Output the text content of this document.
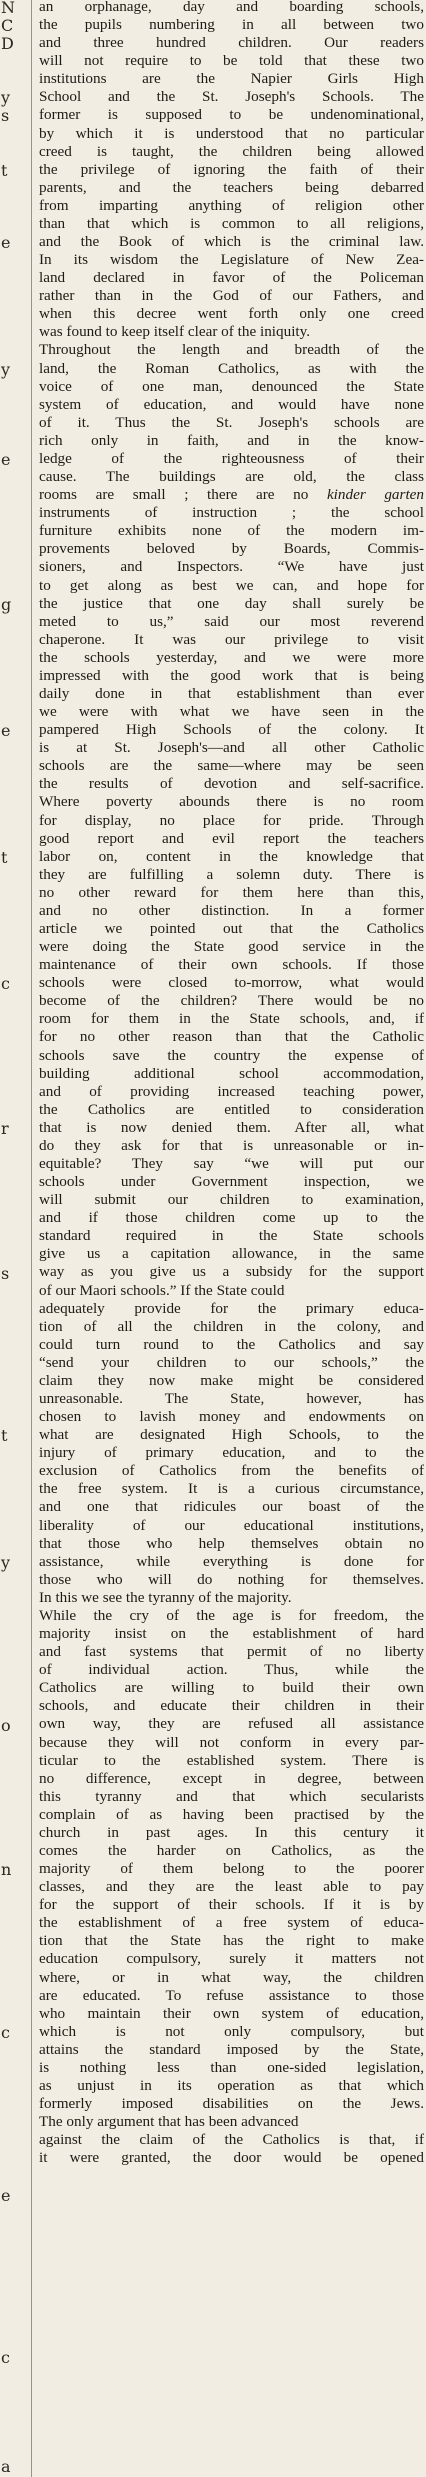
N
C
D
y
s
t
e
y
e
g
e
t
c
r
s
t
y
o
n
c
e
c
a
an orphanage, day and boarding schools,
the pupils numbering in all between two
and three hundred children. Our readers
will not require to be told that these two
institutions are the Napier Girls High
School and the St. Joseph's Schools. The
former is supposed to be undenominational,
by which it is understood that no particular
creed is taught, the children being allowed
the privilege of ignoring the faith of their
parents, and the teachers being debarred
from imparting anything of religion other
than that which is common to all religions,
and the Book of which is the criminal law.
In its wisdom the Legislature of New Zea-
land declared in favor of the Policeman
rather than in the God of our Fathers, and
when this decree went forth only one creed
was found to keep itself clear of the iniquity.
Throughout the length and breadth of the
land, the Roman Catholics, as with the
voice of one man, denounced the State
system of education, and would have none
of it. Thus the St. Joseph's schools are
rich only in faith, and in the know-
ledge of the righteousness of their
cause. The buildings are old, the class
rooms are small ; there are no kinder garten
instruments of instruction ; the school
furniture exhibits none of the modern im-
provements beloved by Boards, Commis-
sioners, and Inspectors. “We have just
to get along as best we can, and hope for
the justice that one day shall surely be
meted to us,” said our most reverend
chaperone. It was our privilege to visit
the schools yesterday, and we were more
impressed with the good work that is being
daily done in that establishment than ever
we were with what we have seen in the
pampered High Schools of the colony. It
is at St. Joseph's—and all other Catholic
schools are the same—where may be seen
the results of devotion and self-sacrifice.
Where poverty abounds there is no room
for display, no place for pride. Through
good report and evil report the teachers
labor on, content in the knowledge that
they are fulfilling a solemn duty. There is
no other reward for them here than this,
and no other distinction. In a former
article we pointed out that the Catholics
were doing the State good service in the
maintenance of their own schools. If those
schools were closed to-morrow, what would
become of the children? There would be no
room for them in the State schools, and, if
for no other reason than that the Catholic
schools save the country the expense of
building additional school accommodation,
and of providing increased teaching power,
the Catholics are entitled to consideration
that is now denied them. After all, what
do they ask for that is unreasonable or in-
equitable? They say “we will put our
schools under Government inspection, we
will submit our children to examination,
and if those children come up to the
standard required in the State schools
give us a capitation allowance, in the same
way as you give us a subsidy for the support
of our Maori schools.” If the State could
adequately provide for the primary educa-
tion of all the children in the colony, and
could turn round to the Catholics and say
“send your children to our schools,” the
claim they now make might be considered
unreasonable. The State, however, has
chosen to lavish money and endowments on
what are designated High Schools, to the
injury of primary education, and to the
exclusion of Catholics from the benefits of
the free system. It is a curious circumstance,
and one that ridicules our boast of the
liberality of our educational institutions,
that those who help themselves obtain no
assistance, while everything is done for
those who will do nothing for themselves.
In this we see the tyranny of the majority.
While the cry of the age is for freedom, the
majority insist on the establishment of hard
and fast systems that permit of no liberty
of individual action. Thus, while the
Catholics are willing to build their own
schools, and educate their children in their
own way, they are refused all assistance
because they will not conform in every par-
ticular to the established system. There is
no difference, except in degree, between
this tyranny and that which secularists
complain of as having been practised by the
church in past ages. In this century it
comes the harder on Catholics, as the
majority of them belong to the poorer
classes, and they are the least able to pay
for the support of their schools. If it is by
the establishment of a free system of educa-
tion that the State has the right to make
education compulsory, surely it matters not
where, or in what way, the children
are educated. To refuse assistance to those
who maintain their own system of education,
which is not only compulsory, but
attains the standard imposed by the State,
is nothing less than one-sided legislation,
as unjust in its operation as that which
formerly imposed disabilities on the Jews.
The only argument that has been advanced
against the claim of the Catholics is that, if
it were granted, the door would be opened
